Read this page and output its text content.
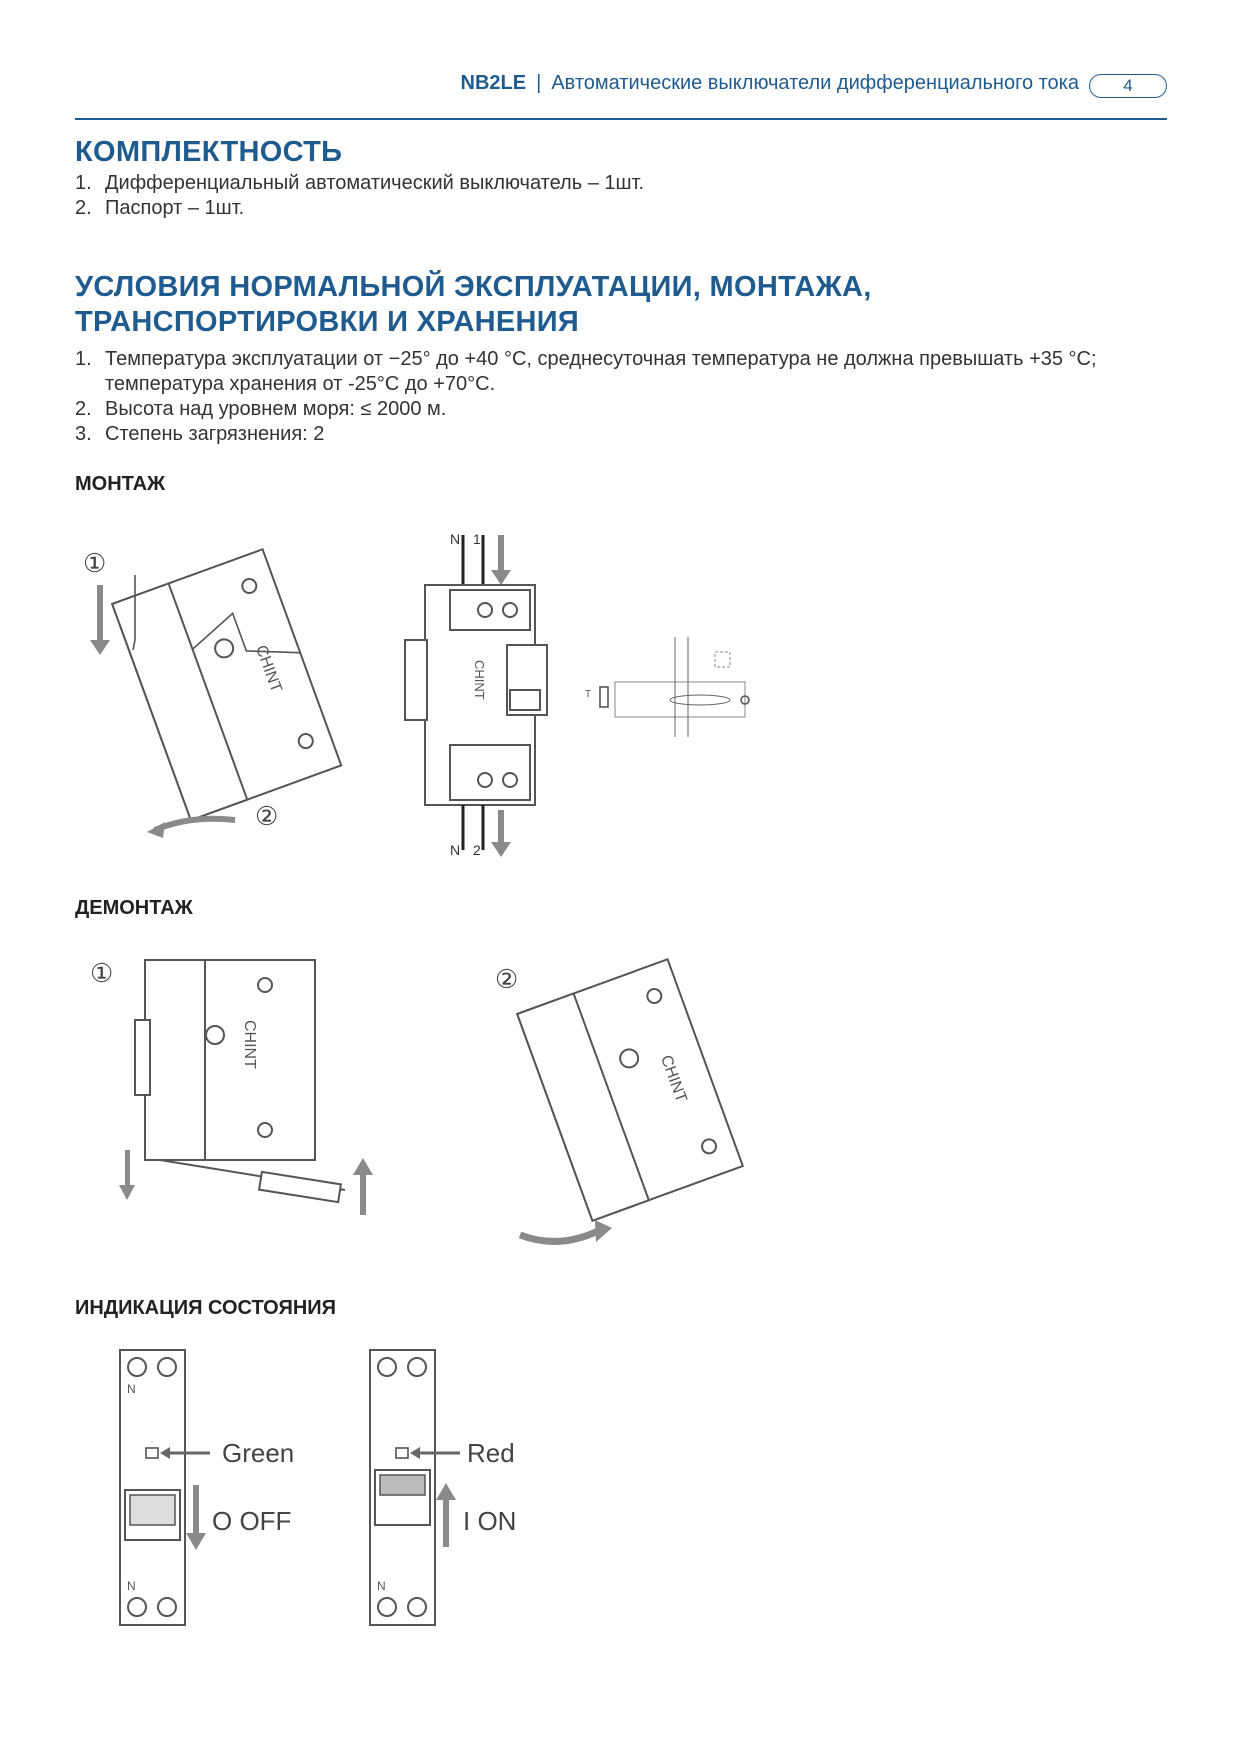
NB2LE | Автоматические выключатели дифференциального тока	4
КОМПЛЕКТНОСТЬ
1. Дифференциальный автоматический выключатель – 1шт.
2. Паспорт – 1шт.
УСЛОВИЯ НОРМАЛЬНОЙ ЭКСПЛУАТАЦИИ, МОНТАЖА,
ТРАНСПОРТИРОВКИ И ХРАНЕНИЯ
1. Температура эксплуатации от −25° до +40 °С, среднесуточная температура не должна превышать +35 °С; температура хранения от -25°С до +70°С.
2. Высота над уровнем моря: ≤ 2000 м.
3. Степень загрязнения: 2
МОНТАЖ
①
CHINT
②
N 1
CHINT
N 2
T
ДЕМОНТАЖ
①
CHINT
②
CHINT
ИНДИКАЦИЯ СОСТОЯНИЯ
N
Green
O OFF
N
Red
I ON
N
